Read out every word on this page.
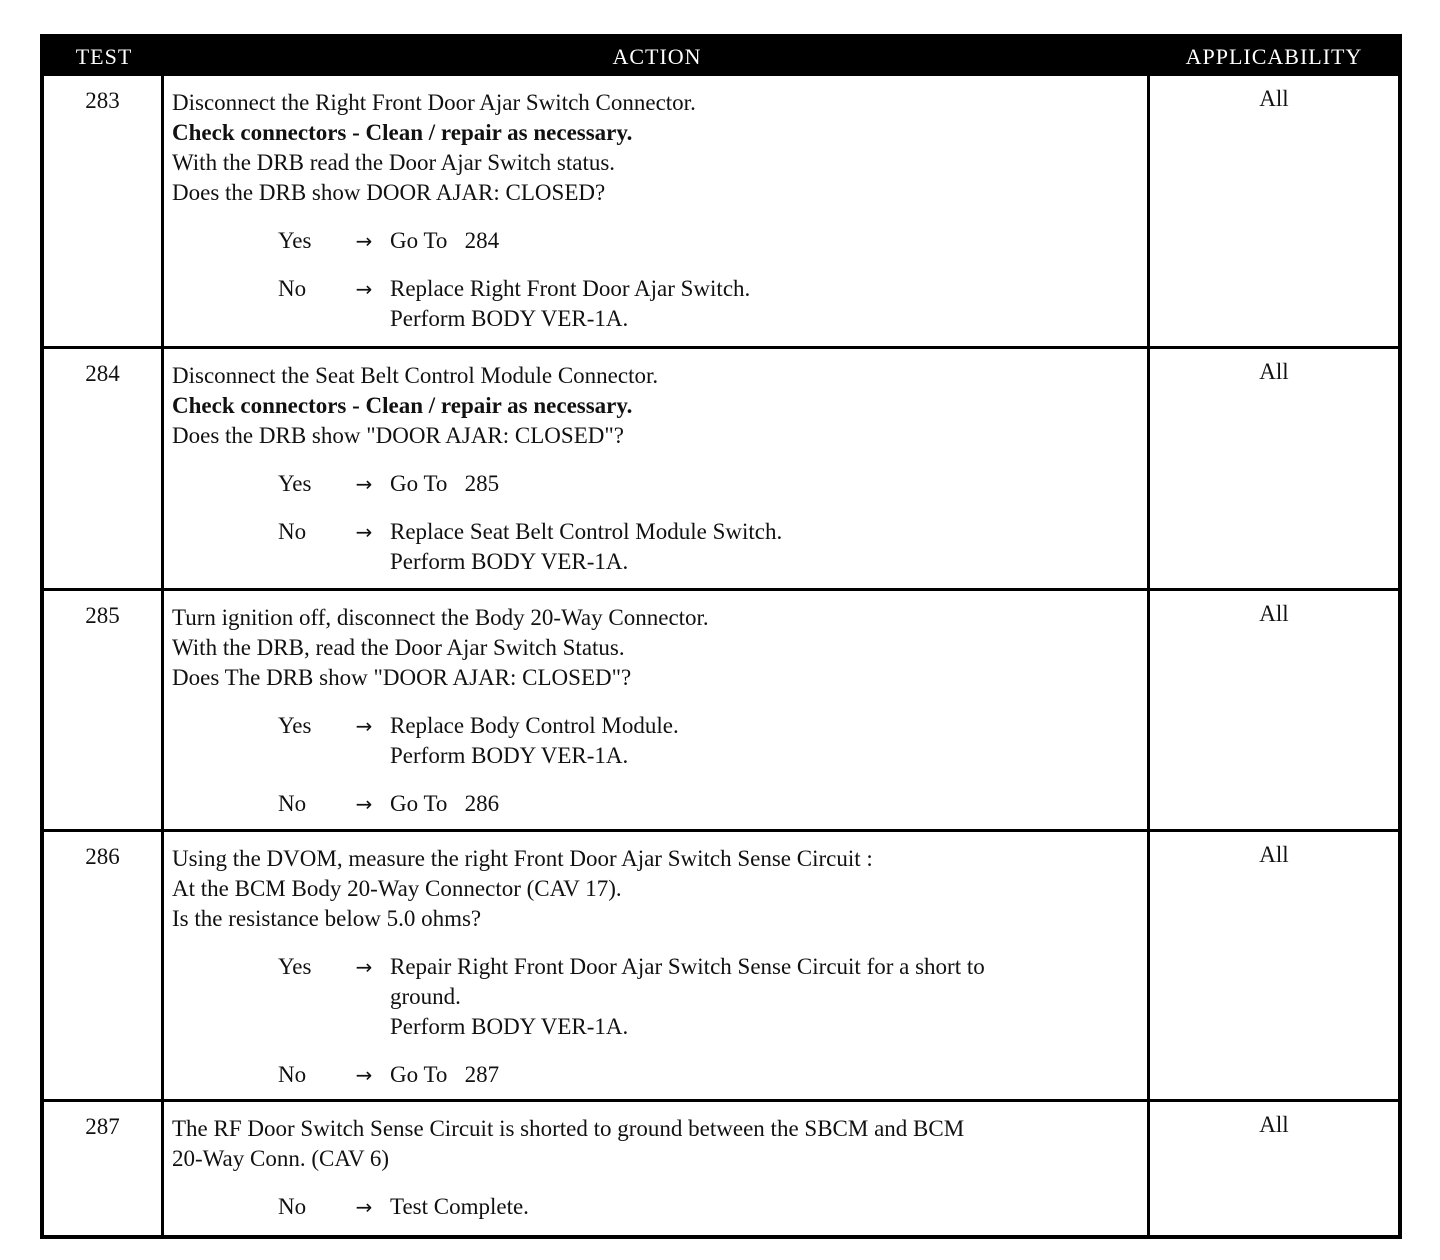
TEST	ACTION	APPLICABILITY
283	Disconnect the Right Front Door Ajar Switch Connector.
Check connectors - Clean / repair as necessary.
With the DRB read the Door Ajar Switch status.
Does the DRB show DOOR AJAR: CLOSED?
Yes	→ Go To   284
No	→ Replace Right Front Door Ajar Switch.
Perform BODY VER-1A.
All
284	Disconnect the Seat Belt Control Module Connector.
Check connectors - Clean / repair as necessary.
Does the DRB show "DOOR AJAR: CLOSED"?
Yes	→ Go To   285
No	→ Replace Seat Belt Control Module Switch.
Perform BODY VER-1A.
All
285	Turn ignition off, disconnect the Body 20-Way Connector.
With the DRB, read the Door Ajar Switch Status.
Does The DRB show "DOOR AJAR: CLOSED"?
Yes	→ Replace Body Control Module.
Perform BODY VER-1A.
No	→ Go To   286
All
286	Using the DVOM, measure the right Front Door Ajar Switch Sense Circuit :
At the BCM Body 20-Way Connector (CAV 17).
Is the resistance below 5.0 ohms?
Yes	→ Repair Right Front Door Ajar Switch Sense Circuit for a short to
ground.
Perform BODY VER-1A.
No	→ Go To   287
All
287	The RF Door Switch Sense Circuit is shorted to ground between the SBCM and BCM
20-Way Conn. (CAV 6)
No	→ Test Complete.
All
